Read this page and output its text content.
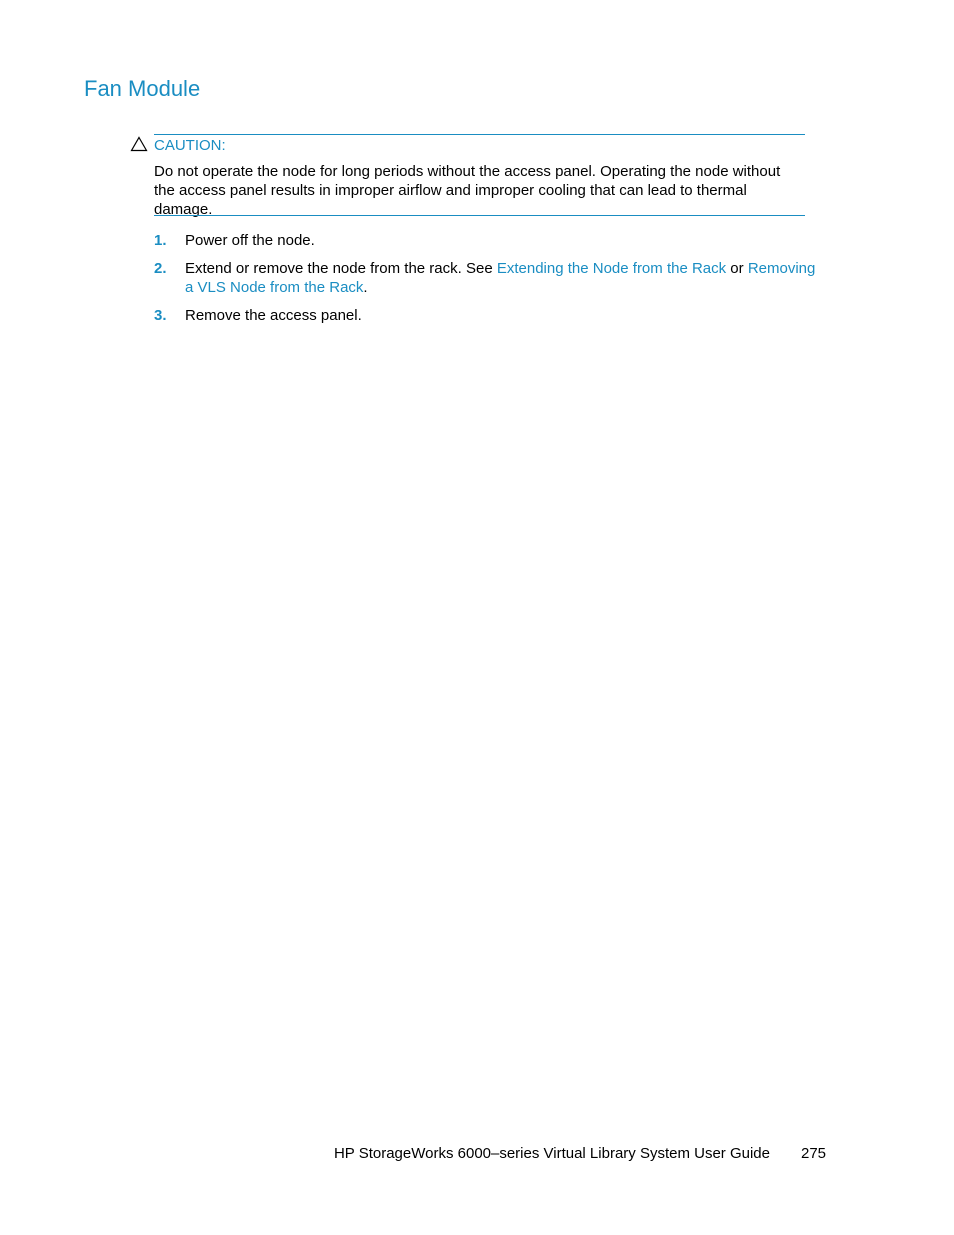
Fan Module
CAUTION:

Do not operate the node for long periods without the access panel. Operating the node without the access panel results in improper airflow and improper cooling that can lead to thermal damage.

1. Power off the node.
2. Extend or remove the node from the rack. See Extending the Node from the Rack or Removing a VLS Node from the Rack.
3. Remove the access panel.
HP StorageWorks 6000–series Virtual Library System User Guide 275
